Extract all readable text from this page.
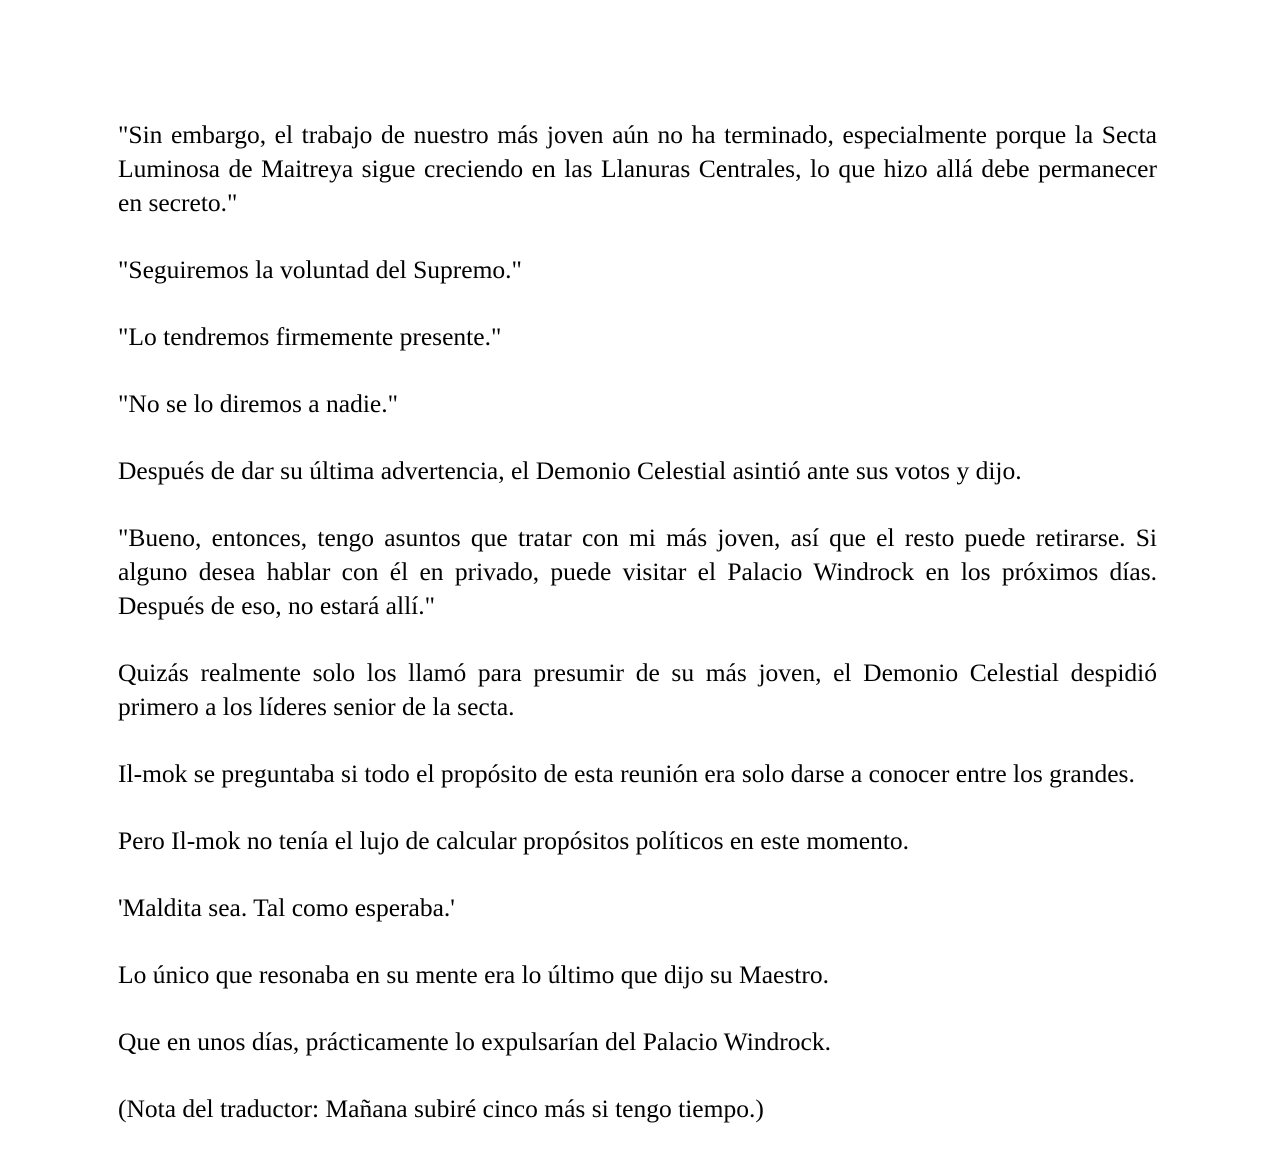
"Sin embargo, el trabajo de nuestro más joven aún no ha terminado, especialmente porque la Secta Luminosa de Maitreya sigue creciendo en las Llanuras Centrales, lo que hizo allá debe permanecer en secreto."

"Seguiremos la voluntad del Supremo."

"Lo tendremos firmemente presente."

"No se lo diremos a nadie."

Después de dar su última advertencia, el Demonio Celestial asintió ante sus votos y dijo.

"Bueno, entonces, tengo asuntos que tratar con mi más joven, así que el resto puede retirarse. Si alguno desea hablar con él en privado, puede visitar el Palacio Windrock en los próximos días. Después de eso, no estará allí."

Quizás realmente solo los llamó para presumir de su más joven, el Demonio Celestial despidió primero a los líderes senior de la secta.

Il-mok se preguntaba si todo el propósito de esta reunión era solo darse a conocer entre los grandes.

Pero Il-mok no tenía el lujo de calcular propósitos políticos en este momento.

'Maldita sea. Tal como esperaba.'

Lo único que resonaba en su mente era lo último que dijo su Maestro.

Que en unos días, prácticamente lo expulsarían del Palacio Windrock.

(Nota del traductor: Mañana subiré cinco más si tengo tiempo.)
